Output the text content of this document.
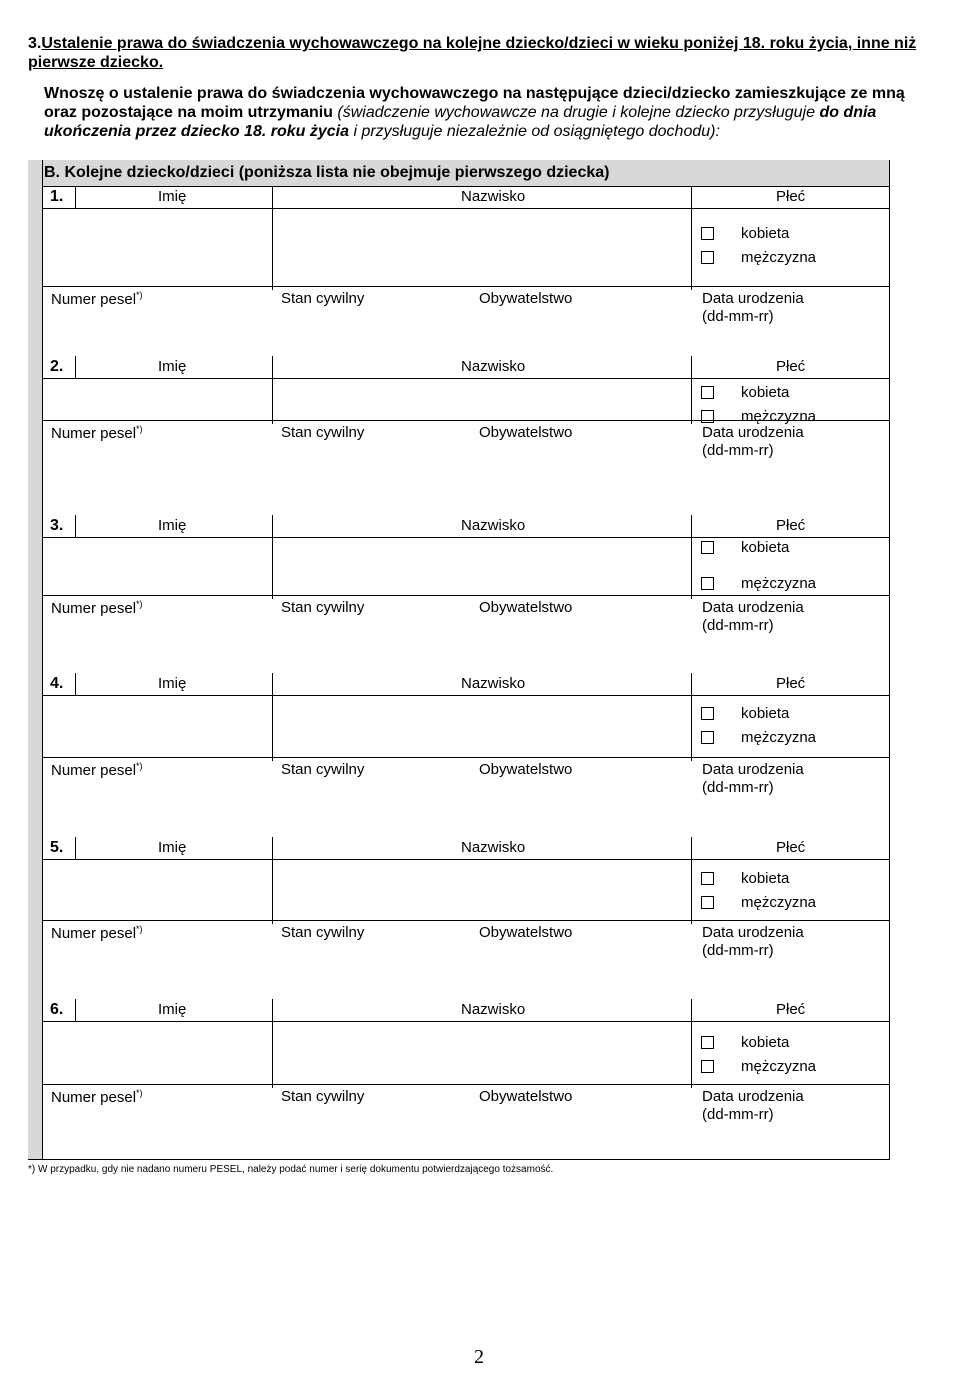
3.Ustalenie prawa do świadczenia wychowawczego na kolejne dziecko/dzieci w wieku poniżej 18. roku życia, inne niż pierwsze dziecko.
Wnoszę o ustalenie prawa do świadczenia wychowawczego na następujące dzieci/dziecko zamieszkujące ze mną oraz pozostające na moim utrzymaniu (świadczenie wychowawcze na drugie i kolejne dziecko przysługuje do dnia ukończenia przez dziecko 18. roku życia i przysługuje niezależnie od osiągniętego dochodu):
B. Kolejne dziecko/dzieci (poniższa lista nie obejmuje pierwszego dziecka)
1.	Imię	Nazwisko	Płeć
kobieta
mężczyzna
Numer pesel*)	Stan cywilny	Obywatelstwo	Data urodzenia
(dd-mm-rr)
2.	Imię	Nazwisko	Płeć
kobieta
mężczyzna
Numer pesel*)	Stan cywilny	Obywatelstwo	Data urodzenia
(dd-mm-rr)
3.	Imię	Nazwisko	Płeć
kobieta
mężczyzna
Numer pesel*)	Stan cywilny	Obywatelstwo	Data urodzenia
(dd-mm-rr)
4.	Imię	Nazwisko	Płeć
kobieta
mężczyzna
Numer pesel*)	Stan cywilny	Obywatelstwo	Data urodzenia
(dd-mm-rr)
5.	Imię	Nazwisko	Płeć
kobieta
mężczyzna
Numer pesel*)	Stan cywilny	Obywatelstwo	Data urodzenia
(dd-mm-rr)
6.	Imię	Nazwisko	Płeć
kobieta
mężczyzna
Numer pesel*)	Stan cywilny	Obywatelstwo	Data urodzenia
(dd-mm-rr)
*) W przypadku, gdy nie nadano numeru PESEL, należy podać numer i serię dokumentu potwierdzającego tożsamość.
2
